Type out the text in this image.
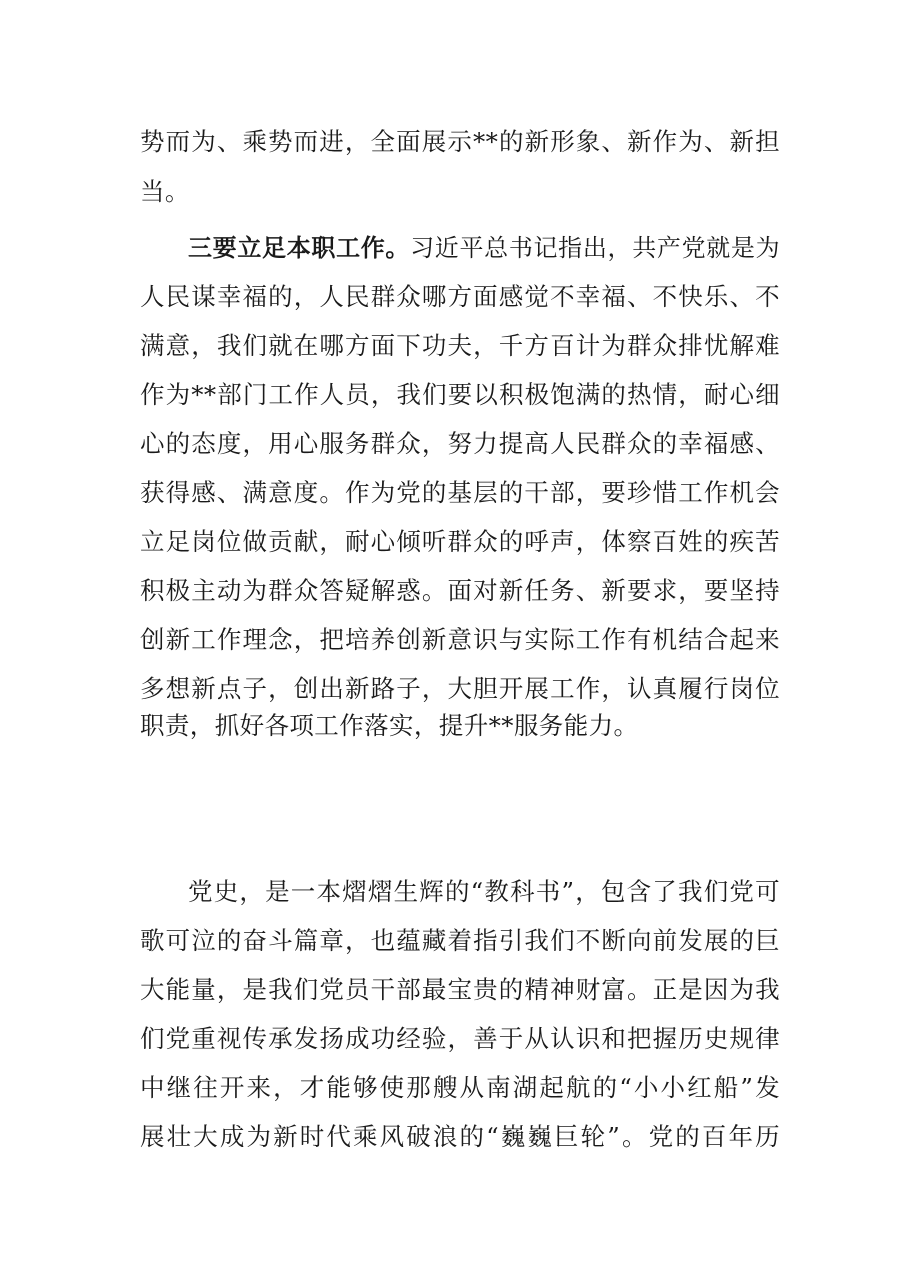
势而为、乘势而进，全面展示**的新形象、新作为、新担
当。
三要立足本职工作。习近平总书记指出，共产党就是为
人民谋幸福的，人民群众哪方面感觉不幸福、不快乐、不
满意，我们就在哪方面下功夫，千方百计为群众排忧解难
作为**部门工作人员，我们要以积极饱满的热情，耐心细
心的态度，用心服务群众，努力提高人民群众的幸福感、
获得感、满意度。作为党的基层的干部，要珍惜工作机会
立足岗位做贡献，耐心倾听群众的呼声，体察百姓的疾苦
积极主动为群众答疑解惑。面对新任务、新要求，要坚持
创新工作理念，把培养创新意识与实际工作有机结合起来
多想新点子，创出新路子，大胆开展工作，认真履行岗位
职责，抓好各项工作落实，提升**服务能力。
党史，是一本熠熠生辉的“教科书”，包含了我们党可
歌可泣的奋斗篇章，也蕴藏着指引我们不断向前发展的巨
大能量，是我们党员干部最宝贵的精神财富。正是因为我
们党重视传承发扬成功经验，善于从认识和把握历史规律
中继往开来，才能够使那艘从南湖起航的“小小红船”发
展壮大成为新时代乘风破浪的“巍巍巨轮”。党的百年历
